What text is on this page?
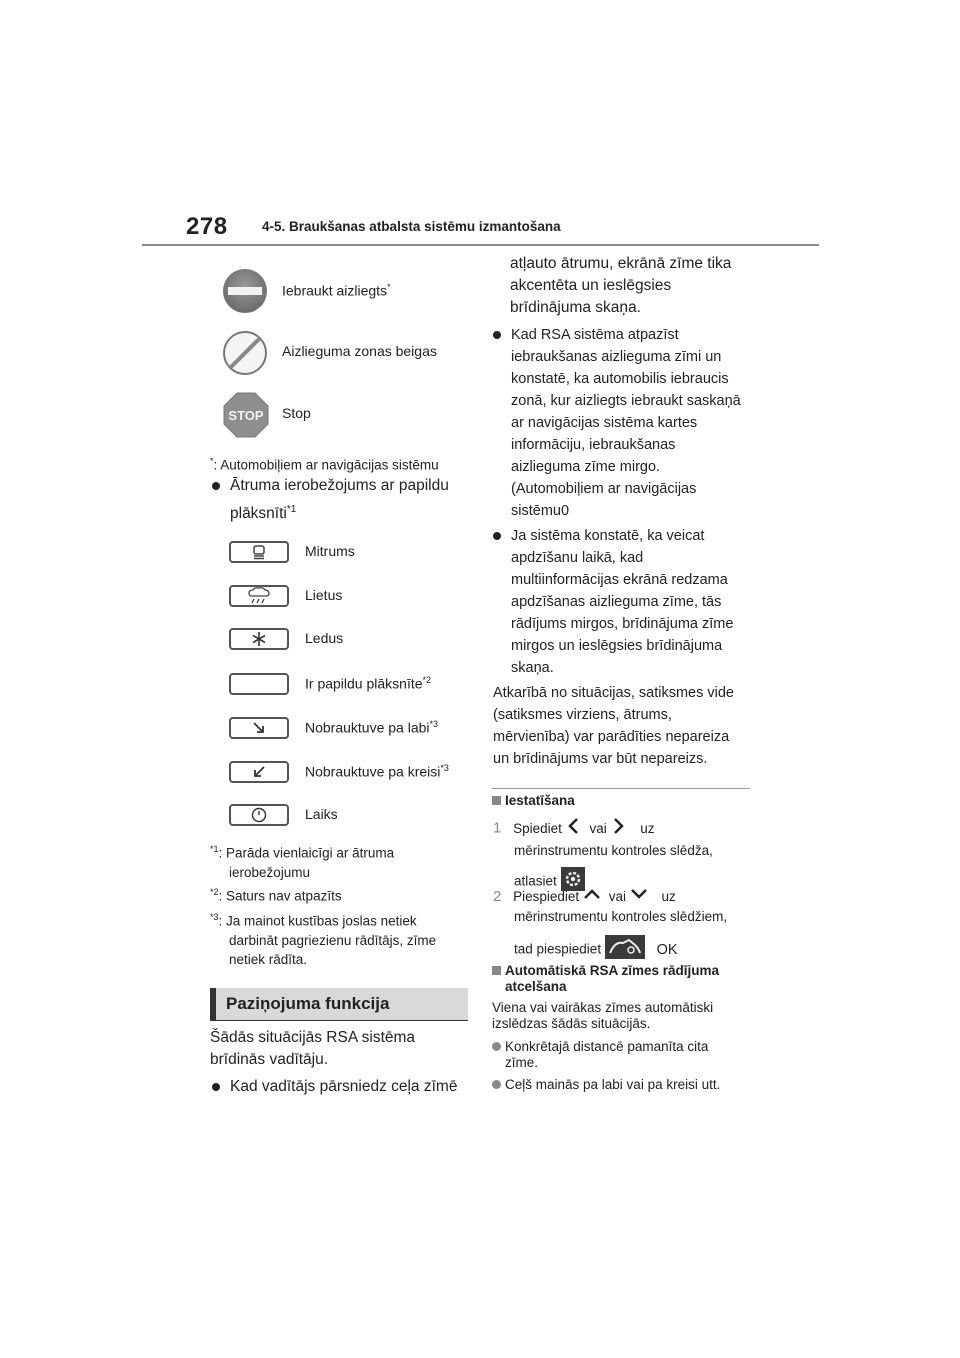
278	4-5. Braukšanas atbalsta sistēmu izmantošana
Iebraukt aizliegts*
Aizlieguma zonas beigas
STOP Stop
*: Automobiļiem ar navigācijas sistēmu
Ātruma ierobežojums ar papildu
plāksnīti$^{*1}$
Mitrums
Lietus
Ledus
Ir papildu plāksnīte$^{*2}$
Nobrauktuve pa labi$^{*3}$
Nobrauktuve pa kreisi$^{*3}$
Laiks
$^{*1}$: Parāda vienlaicīgi ar ātruma
ierobežojumu
$^{*2}$: Saturs nav atpazīts
$^{*3}$: Ja mainot kustības joslas netiek
darbināt pagriezienu rādītājs, zīme
netiek rādīta.
Paziņojuma funkcija
Šādās situācijās RSA sistēma
brīdinās vadītāju.
Kad vadītājs pārsniedz ceļa zīmē
atļauto ātrumu, ekrānā zīme tika
akcentēta un ieslēgsies
brīdinājuma skaņa.
Kad RSA sistēma atpazīst
iebraukšanas aizlieguma zīmi un
konstatē, ka automobilis iebraucis
zonā, kur aizliegts iebraukt saskaņā
ar navigācijas sistēma kartes
informāciju, iebraukšanas
aizlieguma zīme mirgo.
(Automobiļiem ar navigācijas
sistēmu0
Ja sistēma konstatē, ka veicat
apdzīšanu laikā, kad
multiinformācijas ekrānā redzama
apdzīšanas aizlieguma zīme, tās
rādījums mirgos, brīdinājuma zīme
mirgos un ieslēgsies brīdinājuma
skaņa.
Atkarībā no situācijas, satiksmes vide
(satiksmes virziens, ātrums,
mērvienība) var parādīties nepareiza
un brīdinājums var būt nepareizs.
Iestatīšana
1 Spiediet vai uz
mērinstrumentu kontroles slēdža,
atlasiet
2 Piespiediet vai	uz
mērinstrumentu kontroles slēdžiem,
tad piespiediet	OK
Automātiskā RSA zīmes rādījuma
atcelšana
Viena vai vairākas zīmes automātiski
izslēdzas šādās situācijās.
Konkrētajā distancē pamanīta cita
zīme.
Ceļš mainās pa labi vai pa kreisi utt.
